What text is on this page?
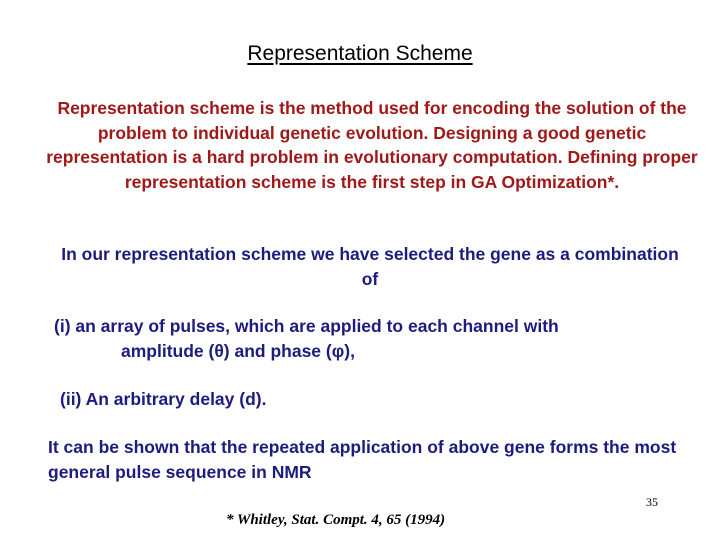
Representation Scheme
Representation scheme is the method used for encoding the solution of the problem to individual genetic evolution. Designing a good genetic representation is a hard problem in evolutionary computation. Defining proper representation scheme is the first step in GA Optimization*.
In our representation scheme we have selected the gene as a combination of
(i) an array of pulses, which are applied to each channel with
amplitude (θ) and phase (φ),
(ii) An arbitrary delay (d).
It can be shown that the repeated application of above gene forms the most general pulse sequence in NMR
35
* Whitley, Stat. Compt. 4, 65 (1994)
